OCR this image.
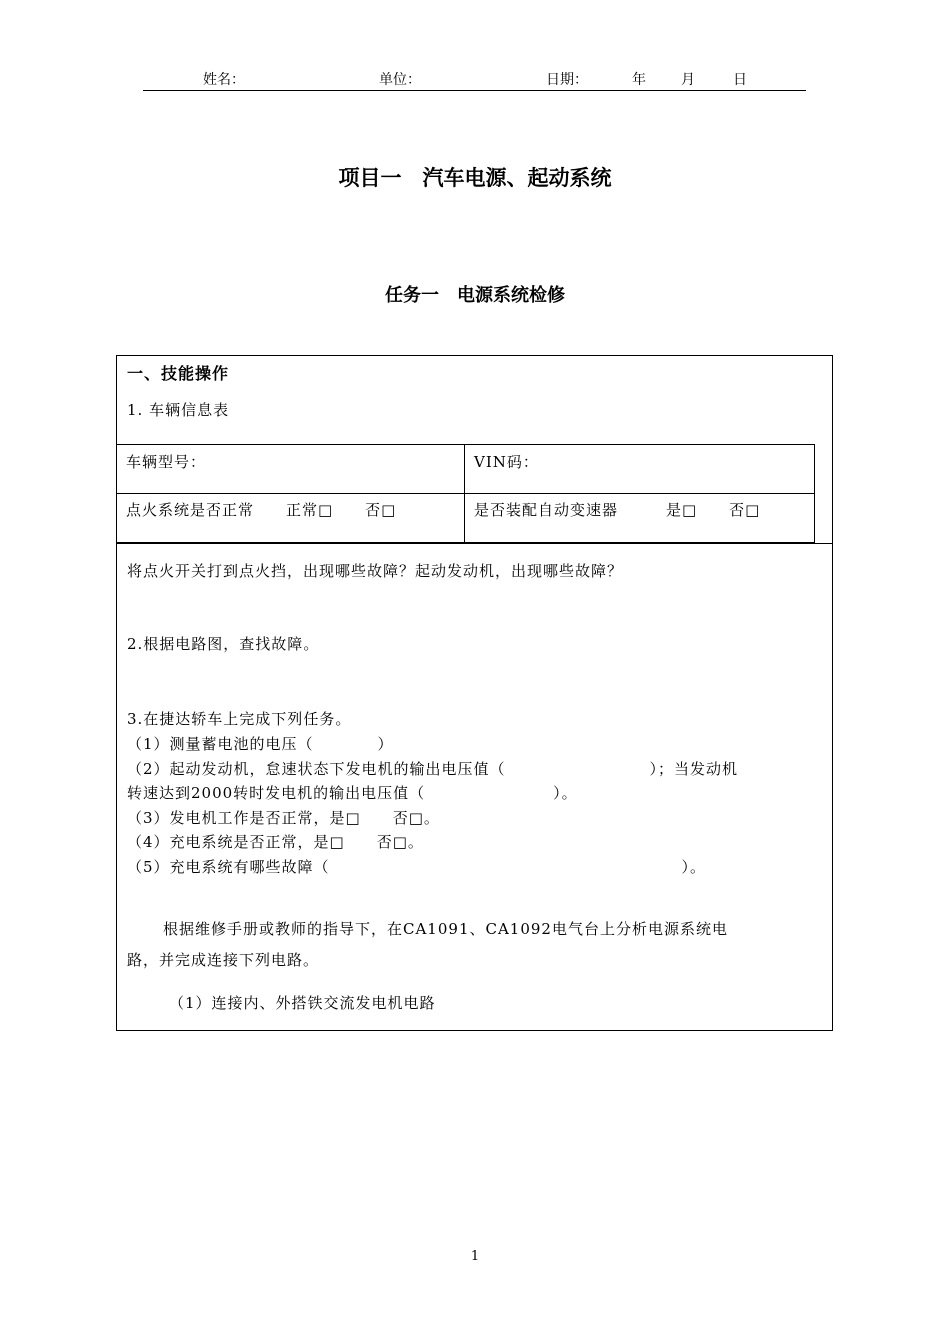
姓名：	单位：	日期：	年	月	日
项目一　汽车电源、起动系统
任务一　电源系统检修
一、技能操作
1. 车辆信息表
车辆型号：	VIN码：
点火系统是否正常　　正常□　　否□	是否装配自动变速器　　　是□　　否□
将点火开关打到点火挡，出现哪些故障？起动发动机，出现哪些故障？
2.根据电路图，查找故障。
3.在捷达轿车上完成下列任务。
（1）测量蓄电池的电压（　　　　）
（2）起动发动机，怠速状态下发电机的输出电压值（　　　　　　　　　）；当发动机
转速达到2000转时发电机的输出电压值（　　　　　　　　）。
（3）发电机工作是否正常，是□　　否□。
（4）充电系统是否正常，是□　　否□。
（5）充电系统有哪些故障（　　　　　　　　　　　　　　　　　　　　　　）。
根据维修手册或教师的指导下，在CA1091、CA1092电气台上分析电源系统电
路，并完成连接下列电路。
（1）连接内、外搭铁交流发电机电路
1
